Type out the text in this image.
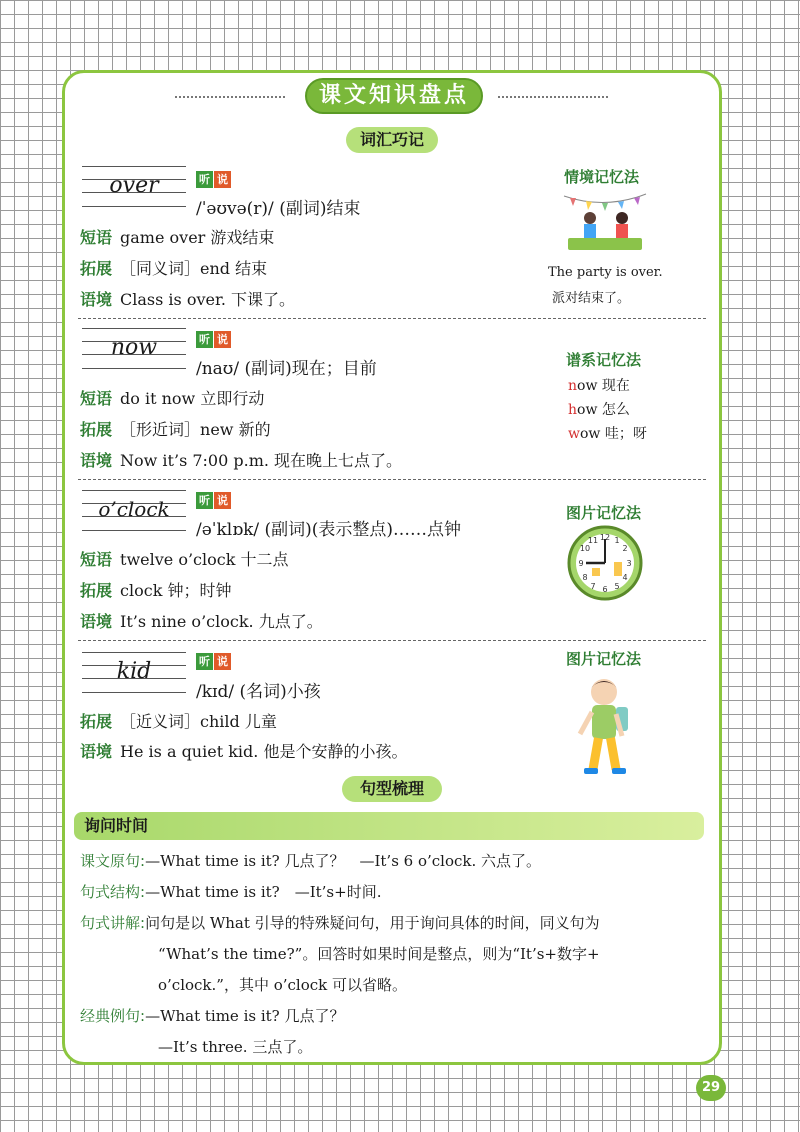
课文知识盘点
词汇巧记
over	听 说
/ˈəʊvə(r)/ (副词)结束
短语 game over 游戏结束
拓展 ［同义词］end 结束
语境 Class is over. 下课了。
情境记忆法
The party is over.
派对结束了。
now	听 说
/naʊ/ (副词)现在；目前
短语 do it now 立即行动
拓展 ［形近词］new 新的
语境 Now it’s 7:00 p.m. 现在晚上七点了。
谱系记忆法
now 现在
how 怎么
wow 哇；呀
o’clock	听 说
/əˈklɒk/ (副词)(表示整点)……点钟
短语 twelve o’clock 十二点
拓展 clock 钟；时钟
语境 It’s nine o’clock. 九点了。
图片记忆法
12 1
2
3
4
5
6
7
8
9
10
11
kid	听 说
/kɪd/ (名词)小孩
拓展 ［近义词］child 儿童
语境 He is a quiet kid. 他是个安静的小孩。
图片记忆法
句型梳理
询问时间
课文原句:—What time is it? 几点了？　—It’s 6 o’clock. 六点了。
句式结构:—What time is it?　—It’s+时间.
句式讲解:问句是以 What 引导的特殊疑问句，用于询问具体的时间，同义句为
“What’s the time?”。回答时如果时间是整点，则为“It’s+数字+
o’clock.”，其中 o’clock 可以省略。
经典例句:—What time is it? 几点了？
—It’s three. 三点了。
29
